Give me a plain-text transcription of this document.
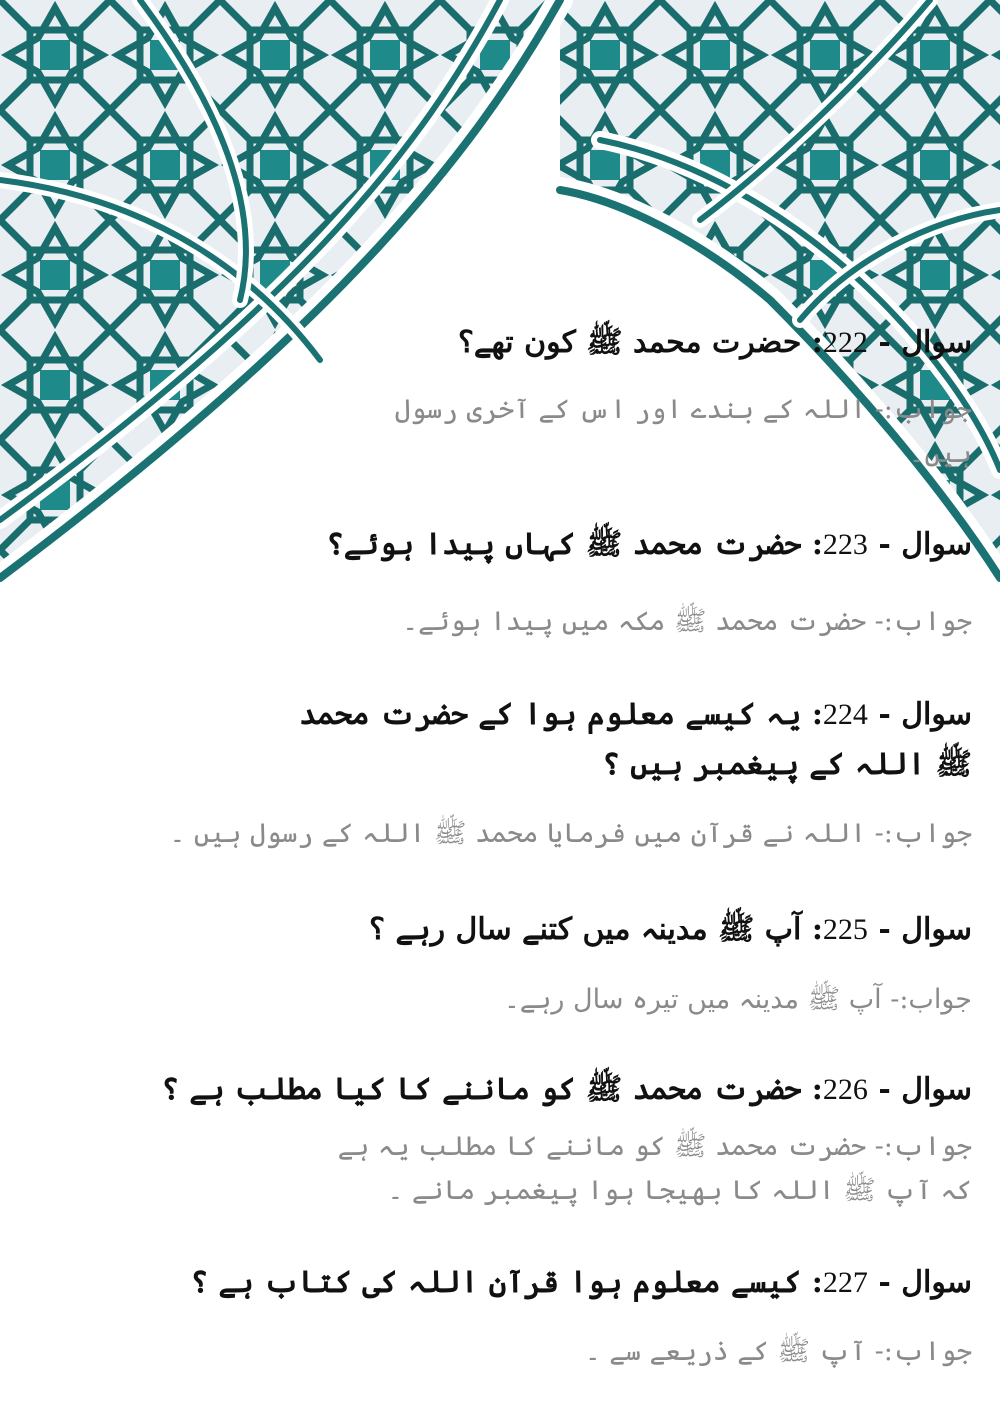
سوال - 222: حضرت محمد ﷺ کون تھے؟

جواب:- اللہ کے بندے اور اس کے آخری رسول ہیں۔

سوال - 223: حضرت محمد ﷺ کہاں پیدا ہوئے؟

جواب:- حضرت محمد ﷺ مکہ میں پیدا ہوئے۔

سوال - 224: یہ کیسے معلوم ہوا کے حضرت محمد ﷺ اللہ کے پیغمبر ہیں ؟

جواب:- اللہ نے قرآن میں فرمایا محمد ﷺ اللہ کے رسول ہیں ۔

سوال - 225: آپ ﷺ مدینہ میں کتنے سال رہے ؟

جواب:- آپ ﷺ مدینہ میں تیرہ سال رہے۔

سوال - 226: حضرت محمد ﷺ کو ماننے کا کیا مطلب ہے ؟

جواب:- حضرت محمد ﷺ کو ماننے کا مطلب یہ ہے کہ آپ ﷺ اللہ کا بھیجا ہوا پیغمبر مانے ۔

سوال - 227: کیسے معلوم ہوا قرآن اللہ کی کتاب ہے ؟

جواب:- آپ ﷺ کے ذریعے سے ۔
